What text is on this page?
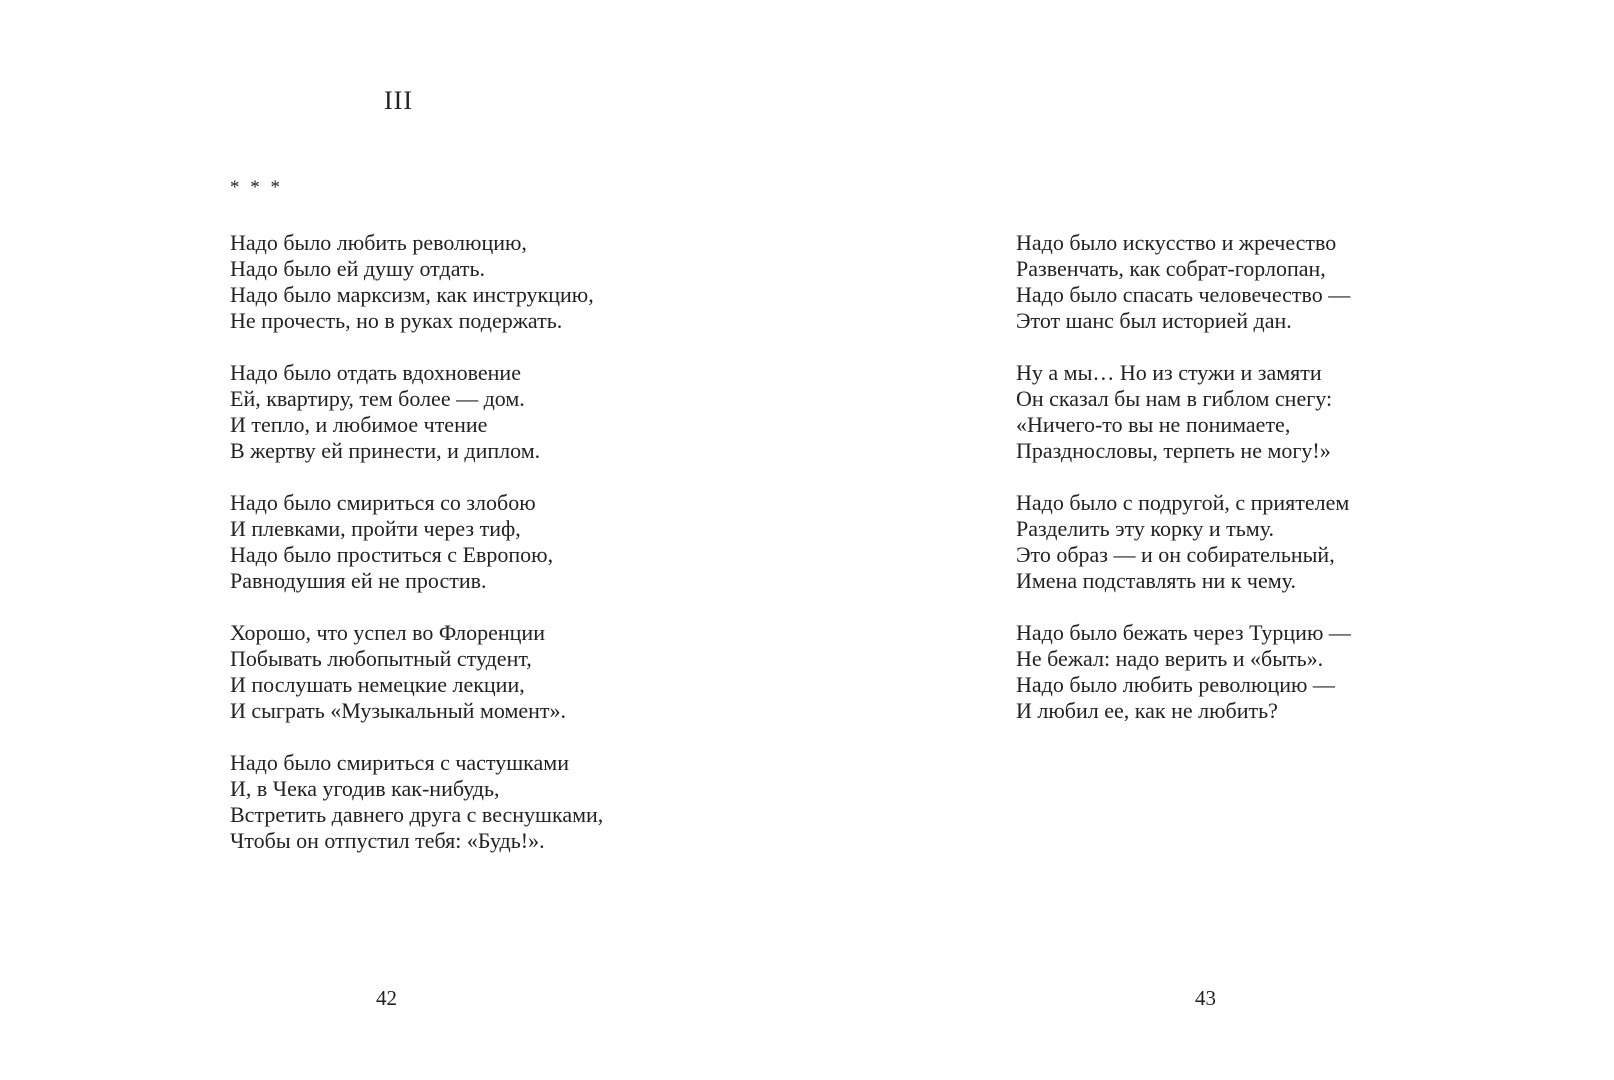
III
* * *
Надо было любить революцию,
Надо было ей душу отдать.
Надо было марксизм, как инструкцию,
Не прочесть, но в руках подержать.
Надо было отдать вдохновение
Ей, квартиру, тем более — дом.
И тепло, и любимое чтение
В жертву ей принести, и диплом.
Надо было смириться со злобою
И плевками, пройти через тиф,
Надо было проститься с Европою,
Равнодушия ей не простив.
Хорошо, что успел во Флоренции
Побывать любопытный студент,
И послушать немецкие лекции,
И сыграть «Музыкальный момент».
Надо было смириться с частушками
И, в Чека угодив как-нибудь,
Встретить давнего друга с веснушками,
Чтобы он отпустил тебя: «Будь!».
42
Надо было искусство и жречество
Развенчать, как собрат-горлопан,
Надо было спасать человечество —
Этот шанс был историей дан.
Ну а мы… Но из стужи и замяти
Он сказал бы нам в гиблом снегу:
«Ничего-то вы не понимаете,
Празднословы, терпеть не могу!»
Надо было с подругой, с приятелем
Разделить эту корку и тьму.
Это образ — и он собирательный,
Имена подставлять ни к чему.
Надо было бежать через Турцию —
Не бежал: надо верить и «быть».
Надо было любить революцию —
И любил ее, как не любить?
43
